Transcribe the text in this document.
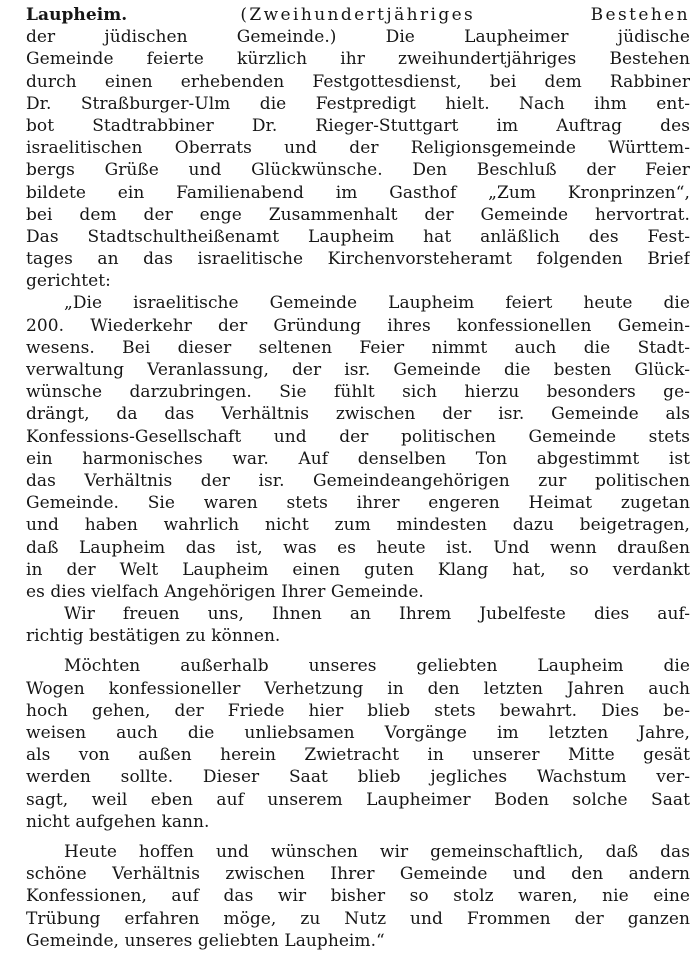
Laupheim.	(Zweihundertjähriges Bestehen
der jüdischen Gemeinde.) Die Laupheimer jüdische
Gemeinde feierte kürzlich ihr zweihundertjähriges Bestehen
durch einen erhebenden Festgottesdienst, bei dem Rabbiner
Dr. Straßburger-Ulm die Festpredigt hielt. Nach ihm ent-
bot Stadtrabbiner Dr. Rieger-Stuttgart im Auftrag des
israelitischen Oberrats und der Religionsgemeinde Württem-
bergs Grüße und Glückwünsche. Den Beschluß der Feier
bildete ein Familienabend im Gasthof „Zum Kronprinzen“,
bei dem der enge Zusammenhalt der Gemeinde hervortrat.
Das Stadtschultheißenamt Laupheim hat anläßlich des Fest-
tages an das israelitische Kirchenvorsteheramt folgenden Brief
gerichtet:
„Die israelitische Gemeinde Laupheim feiert heute die
200. Wiederkehr der Gründung ihres konfessionellen Gemein-
wesens. Bei dieser seltenen Feier nimmt auch die Stadt-
verwaltung Veranlassung, der isr. Gemeinde die besten Glück-
wünsche darzubringen. Sie fühlt sich hierzu besonders ge-
drängt, da das Verhältnis zwischen der isr. Gemeinde als
Konfessions-Gesellschaft und der politischen Gemeinde stets
ein harmonisches war. Auf denselben Ton abgestimmt ist
das Verhältnis der isr. Gemeindeangehörigen zur politischen
Gemeinde. Sie waren stets ihrer engeren Heimat zugetan
und haben wahrlich nicht zum mindesten dazu beigetragen,
daß Laupheim das ist, was es heute ist. Und wenn draußen
in der Welt Laupheim einen guten Klang hat, so verdankt
es dies vielfach Angehörigen Ihrer Gemeinde.
Wir freuen uns, Ihnen an Ihrem Jubelfeste dies auf-
richtig bestätigen zu können.
Möchten außerhalb unseres geliebten Laupheim die
Wogen konfessioneller Verhetzung in den letzten Jahren auch
hoch gehen, der Friede hier blieb stets bewahrt. Dies be-
weisen auch die unliebsamen Vorgänge im letzten Jahre,
als von außen herein Zwietracht in unserer Mitte gesät
werden sollte. Dieser Saat blieb jegliches Wachstum ver-
sagt, weil eben auf unserem Laupheimer Boden solche Saat
nicht aufgehen kann.
Heute hoffen und wünschen wir gemeinschaftlich, daß das
schöne Verhältnis zwischen Ihrer Gemeinde und den andern
Konfessionen, auf das wir bisher so stolz waren, nie eine
Trübung erfahren möge, zu Nutz und Frommen der ganzen
Gemeinde, unseres geliebten Laupheim.“
